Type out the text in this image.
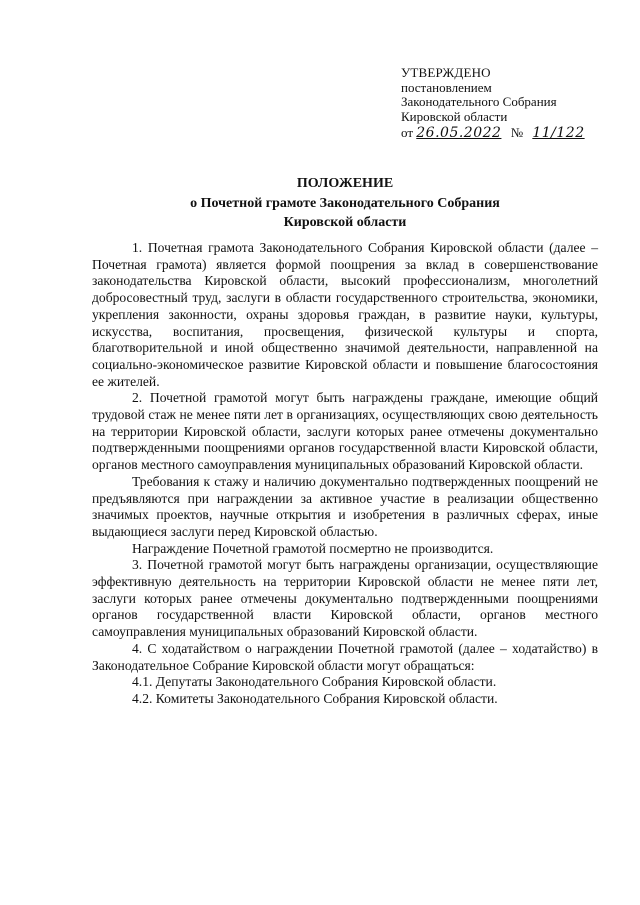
УТВЕРЖДЕНО
постановлением
Законодательного Собрания
Кировской области
от 26.05.2022 № 11/122
ПОЛОЖЕНИЕ
о Почетной грамоте Законодательного Собрания
Кировской области

1. Почетная грамота Законодательного Собрания Кировской области (далее – Почетная грамота) является формой поощрения за вклад в совершенствование законодательства Кировской области, высокий профессионализм, многолетний добросовестный труд, заслуги в области государственного строительства, экономики, укрепления законности, охраны здоровья граждан, в развитие науки, культуры, искусства, воспитания, просвещения, физической культуры и спорта, благотворительной и иной общественно значимой деятельности, направленной на социально-экономическое развитие Кировской области и повышение благосостояния ее жителей.

2. Почетной грамотой могут быть награждены граждане, имеющие общий трудовой стаж не менее пяти лет в организациях, осуществляющих свою деятельность на территории Кировской области, заслуги которых ранее отмечены документально подтвержденными поощрениями органов государственной власти Кировской области, органов местного самоуправления муниципальных образований Кировской области.

Требования к стажу и наличию документально подтвержденных поощрений не предъявляются при награждении за активное участие в реализации общественно значимых проектов, научные открытия и изобретения в различных сферах, иные выдающиеся заслуги перед Кировской областью.

Награждение Почетной грамотой посмертно не производится.

3. Почетной грамотой могут быть награждены организации, осуществляющие эффективную деятельность на территории Кировской области не менее пяти лет, заслуги которых ранее отмечены документально подтвержденными поощрениями органов государственной власти Кировской области, органов местного самоуправления муниципальных образований Кировской области.

4. С ходатайством о награждении Почетной грамотой (далее – ходатайство) в Законодательное Собрание Кировской области могут обращаться:

4.1. Депутаты Законодательного Собрания Кировской области.

4.2. Комитеты Законодательного Собрания Кировской области.
